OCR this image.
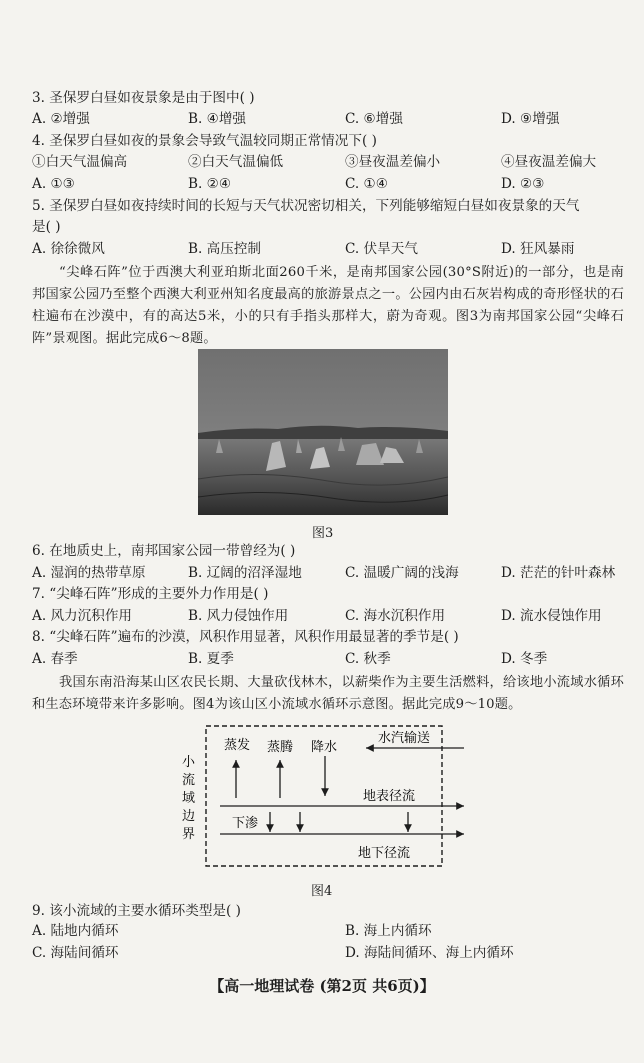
3. 圣保罗白昼如夜景象是由于图中( )
A. ②增强	B. ④增强	C. ⑥增强	D. ⑨增强
4. 圣保罗白昼如夜的景象会导致气温较同期正常情况下( )
①白天气温偏高	②白天气温偏低	③昼夜温差偏小	④昼夜温差偏大
A. ①③	B. ②④	C. ①④	D. ②③
5. 圣保罗白昼如夜持续时间的长短与天气状况密切相关，下列能够缩短白昼如夜景象的天气
是( )
A. 徐徐微风	B. 高压控制	C. 伏旱天气	D. 狂风暴雨
“尖峰石阵”位于西澳大利亚珀斯北面260千米，是南邦国家公园(30°S附近)的一部分，也是南邦国家公园乃至整个西澳大利亚州知名度最高的旅游景点之一。公园内由石灰岩构成的奇形怪状的石柱遍布在沙漠中，有的高达5米，小的只有手指头那样大，蔚为奇观。图3为南邦国家公园“尖峰石阵”景观图。据此完成6～8题。
图3
6. 在地质史上，南邦国家公园一带曾经为( )
A. 湿润的热带草原	B. 辽阔的沼泽湿地	C. 温暖广阔的浅海	D. 茫茫的针叶森林
7. “尖峰石阵”形成的主要外力作用是( )
A. 风力沉积作用	B. 风力侵蚀作用	C. 海水沉积作用	D. 流水侵蚀作用
8. “尖峰石阵”遍布的沙漠，风积作用显著，风积作用最显著的季节是( )
A. 春季	B. 夏季	C. 秋季	D. 冬季
我国东南沿海某山区农民长期、大量砍伐林木，以薪柴作为主要生活燃料，给该地小流域水循环和生态环境带来许多影响。图4为该山区小流域水循环示意图。据此完成9～10题。
蒸发 蒸腾 降水
水汽输送
地表径流
下渗
地下径流
小
流
域
边
界
图4
9. 该小流域的主要水循环类型是( )
A. 陆地内循环	B. 海上内循环
C. 海陆间循环	D. 海陆间循环、海上内循环
【高一地理试卷 (第2页 共6页)】
